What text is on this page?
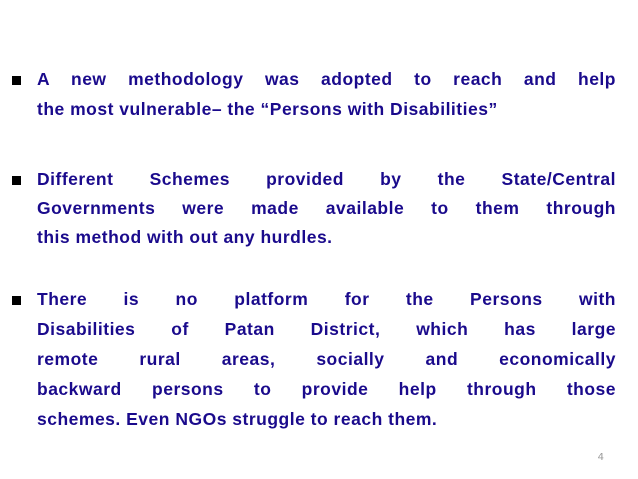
A new methodology was adopted to reach and help
the most vulnerable– the “Persons with Disabilities”
Different Schemes provided by the State/Central
Governments were made available to them through
this method with out any hurdles.
There is no platform for the Persons with
Disabilities of Patan District, which has large
remote rural areas, socially and economically
backward persons to provide help through those
schemes. Even NGOs struggle to reach them.
4
